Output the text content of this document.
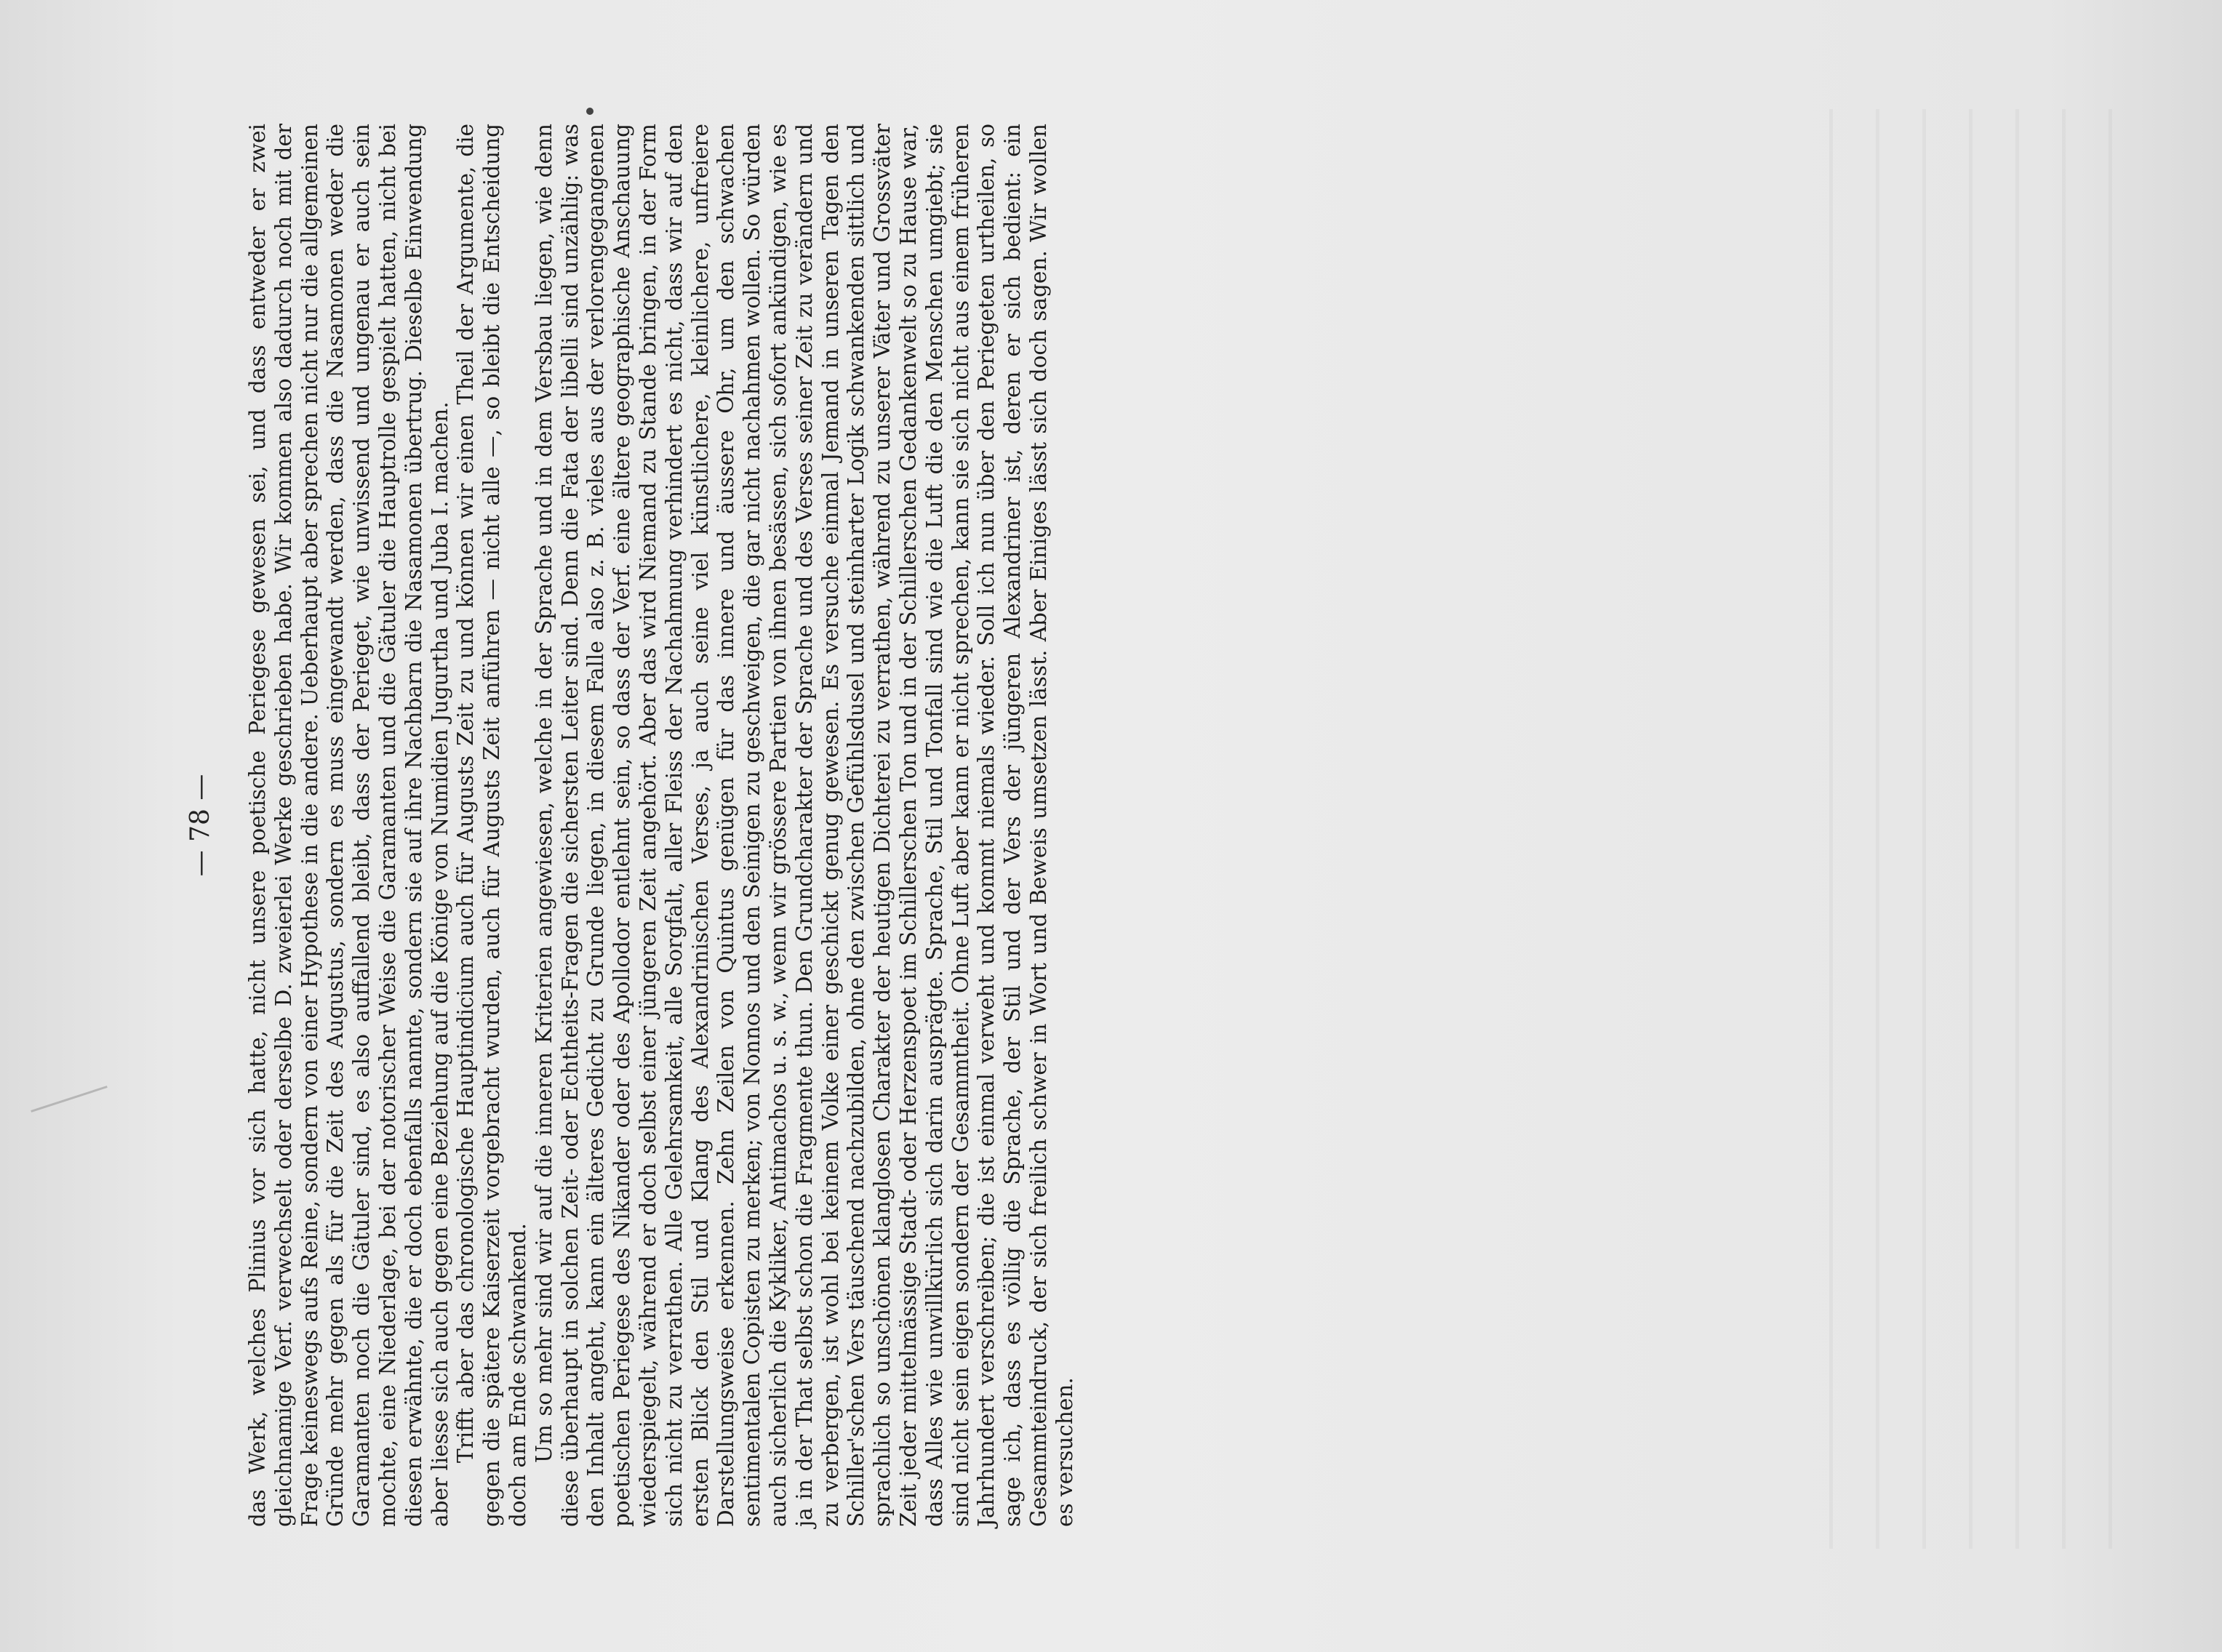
— 78 — das Werk, welches Plinius vor sich hatte, nicht unsere poetische Periegese gewesen sei, und dass entweder er zwei gleichnamige Verf. verwechselt oder derselbe D. zweierlei Werke geschrieben habe. Wir kommen also dadurch noch mit der Frage keineswegs aufs Reine, sondern von einer Hypothese in die andere. Ueberhaupt aber sprechen nicht nur die allgemeinen Gründe mehr gegen als für die Zeit des Augustus, sondern es muss eingewandt werden, dass die Nasamonen weder die Garamanten noch die Gätuler sind, es also auffallend bleibt, dass der Perieget, wie unwissend und ungenau er auch sein mochte, eine Niederlage, bei der notorischer Weise die Garamanten und die Gätuler die Hauptrolle gespielt hatten, nicht bei diesen erwähnte, die er doch ebenfalls nannte, sondern sie auf ihre Nachbarn die Nasamonen übertrug. Dieselbe Einwendung aber liesse sich auch gegen eine Beziehung auf die Könige von Numidien Jugurtha und Juba I. machen. Trifft aber das chronologische Hauptindicium auch für Augusts Zeit zu und können wir einen Theil der Argumente, die gegen die spätere Kaiserzeit vorgebracht wurden, auch für Augusts Zeit anführen — nicht alle —, so bleibt die Entscheidung doch am Ende schwankend. Um so mehr sind wir auf die inneren Kriterien angewiesen, welche in der Sprache und in dem Versbau liegen, wie denn diese überhaupt in solchen Zeit- oder Echtheits-Fragen die sichersten Leiter sind. Denn die Fata der libelli sind unzählig: was den Inhalt angeht, kann ein älteres Gedicht zu Grunde liegen, in diesem Falle also z. B. vieles aus der verlorengegangenen poetischen Periegese des Nikander oder des Apollodor entlehnt sein, so dass der Verf. eine ältere geographische Anschauung wiederspiegelt, während er doch selbst einer jüngeren Zeit angehört. Aber das wird Niemand zu Stande bringen, in der Form sich nicht zu verrathen. Alle Gelehrsamkeit, alle Sorgfalt, aller Fleiss der Nachahmung verhindert es nicht, dass wir auf den ersten Blick den Stil und Klang des Alexandrinischen Verses, ja auch seine viel künstlichere, kleinlichere, unfreiere Darstellungsweise erkennen. Zehn Zeilen von Quintus genügen für das innere und äussere Ohr, um den schwachen sentimentalen Copisten zu merken; von Nonnos und den Seinigen zu geschweigen, die gar nicht nachahmen wollen. So würden auch sicherlich die Kykliker, Antimachos u. s. w., wenn wir grössere Partien von ihnen besässen, sich sofort ankündigen, wie es ja in der That selbst schon die Fragmente thun. Den Grundcharakter der Sprache und des Verses seiner Zeit zu verändern und zu verbergen, ist wohl bei keinem Volke einer geschickt genug gewesen. Es versuche einmal Jemand in unseren Tagen den Schiller'schen Vers täuschend nachzubilden, ohne den zwischen Gefühlsdusel und steinharter Logik schwankenden sittlich und sprachlich so unschönen klanglosen Charakter der heutigen Dichterei zu verrathen, während zu unserer Väter und Grossväter Zeit jeder mittelmässige Stadt- oder Herzenspoet im Schillerschen Ton und in der Schillerschen Gedankenwelt so zu Hause war, dass Alles wie unwillkürlich sich darin ausprägte. Sprache, Stil und Tonfall sind wie die Luft die den Menschen umgiebt; sie sind nicht sein eigen sondern der Gesammtheit. Ohne Luft aber kann er nicht sprechen, kann sie sich nicht aus einem früheren Jahrhundert verschreiben; die ist einmal verweht und kommt niemals wieder. Soll ich nun über den Periegeten urtheilen, so sage ich, dass es völlig die Sprache, der Stil und der Vers der jüngeren Alexandriner ist, deren er sich bedient: ein Gesammteindruck, der sich freilich schwer in Wort und Beweis umsetzen lässt. Aber Einiges lässt sich doch sagen. Wir wollen es versuchen.
